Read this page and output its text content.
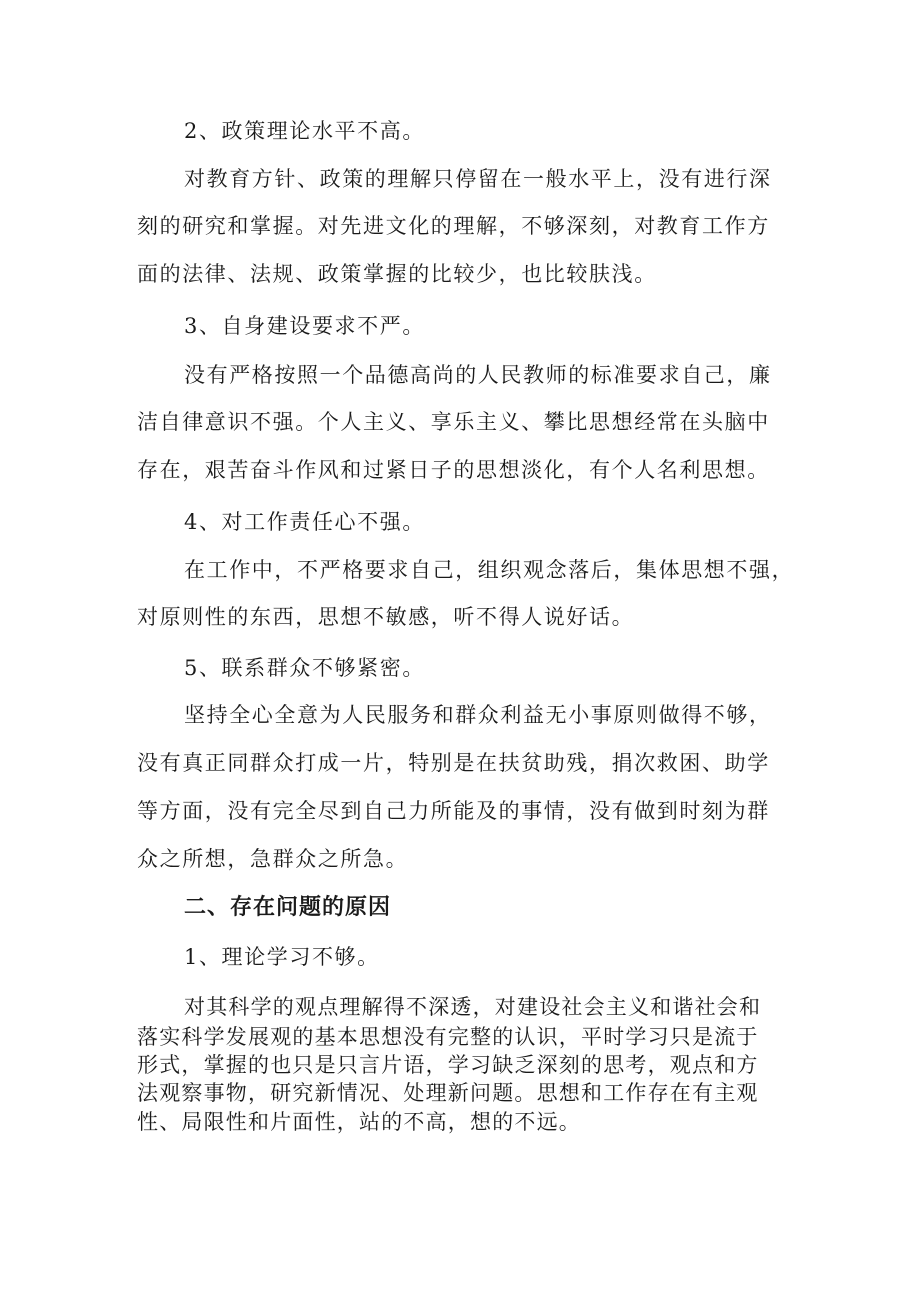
2、政策理论水平不高。
对教育方针、政策的理解只停留在一般水平上，没有进行深
刻的研究和掌握。对先进文化的理解，不够深刻，对教育工作方
面的法律、法规、政策掌握的比较少，也比较肤浅。
3、自身建设要求不严。
没有严格按照一个品德高尚的人民教师的标准要求自己，廉
洁自律意识不强。个人主义、享乐主义、攀比思想经常在头脑中
存在，艰苦奋斗作风和过紧日子的思想淡化，有个人名利思想。
4、对工作责任心不强。
在工作中，不严格要求自己，组织观念落后，集体思想不强，
对原则性的东西，思想不敏感，听不得人说好话。
5、联系群众不够紧密。
坚持全心全意为人民服务和群众利益无小事原则做得不够，
没有真正同群众打成一片，特别是在扶贫助残，捐次救困、助学
等方面，没有完全尽到自己力所能及的事情，没有做到时刻为群
众之所想，急群众之所急。
二、存在问题的原因
1、理论学习不够。
对其科学的观点理解得不深透，对建设社会主义和谐社会和
落实科学发展观的基本思想没有完整的认识，平时学习只是流于
形式，掌握的也只是只言片语，学习缺乏深刻的思考，观点和方
法观察事物，研究新情况、处理新问题。思想和工作存在有主观
性、局限性和片面性，站的不高，想的不远。
